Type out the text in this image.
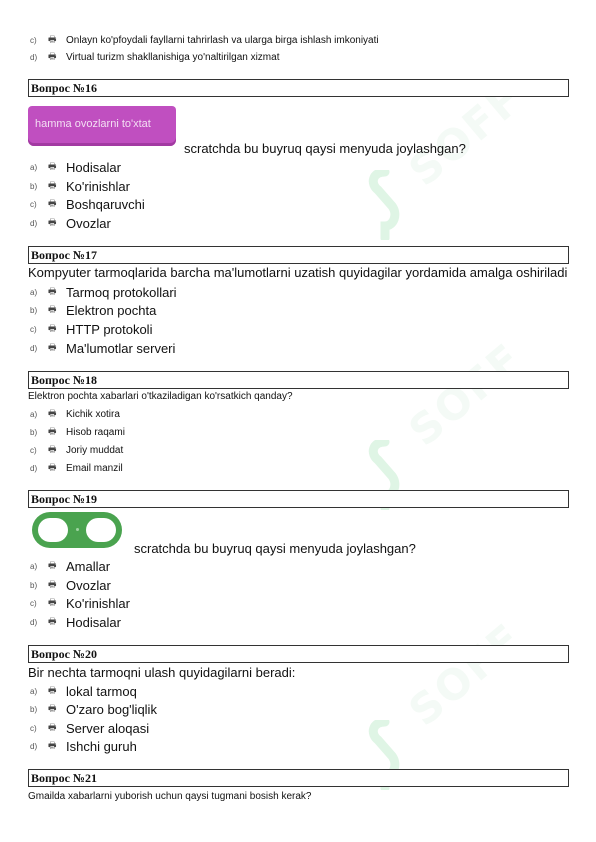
SOFF
SOFF
SOFF
c)	🖶 Onlayn ko'pfoydali fayllarni tahrirlash va ularga birga ishlash imkoniyati
d)	🖶 Virtual turizm shakllanishiga yo'naltirilgan xizmat
Вопрос №16
hamma ovozlarni to'xtat
scratchda bu buyruq qaysi menyuda joylashgan?
a)	🖶 Hodisalar
b)	🖶 Ko'rinishlar
c)	🖶 Boshqaruvchi
d)	🖶 Ovozlar
Вопрос №17
Kompyuter tarmoqlarida barcha ma'lumotlarni uzatish quyidagilar yordamida amalga oshiriladi
a)	🖶 Tarmoq protokollari
b)	🖶 Elektron pochta
c)	🖶 HTTP protokoli
d)	🖶 Ma'lumotlar serveri
Вопрос №18
Elektron pochta xabarlari o'tkaziladigan ko'rsatkich qanday?
a)	🖶 Kichik xotira
b)	🖶 Hisob raqami
c)	🖶 Joriy muddat
d)	🖶 Email manzil
Вопрос №19
scratchda bu buyruq qaysi menyuda joylashgan?
a)	🖶 Amallar
b)	🖶 Ovozlar
c)	🖶 Ko'rinishlar
d)	🖶 Hodisalar
Вопрос №20
Bir nechta tarmoqni ulash quyidagilarni beradi:
a)	🖶 lokal tarmoq
b)	🖶 O'zaro bog'liqlik
c)	🖶 Server aloqasi
d)	🖶 Ishchi guruh
Вопрос №21
Gmailda xabarlarni yuborish uchun qaysi tugmani bosish kerak?
